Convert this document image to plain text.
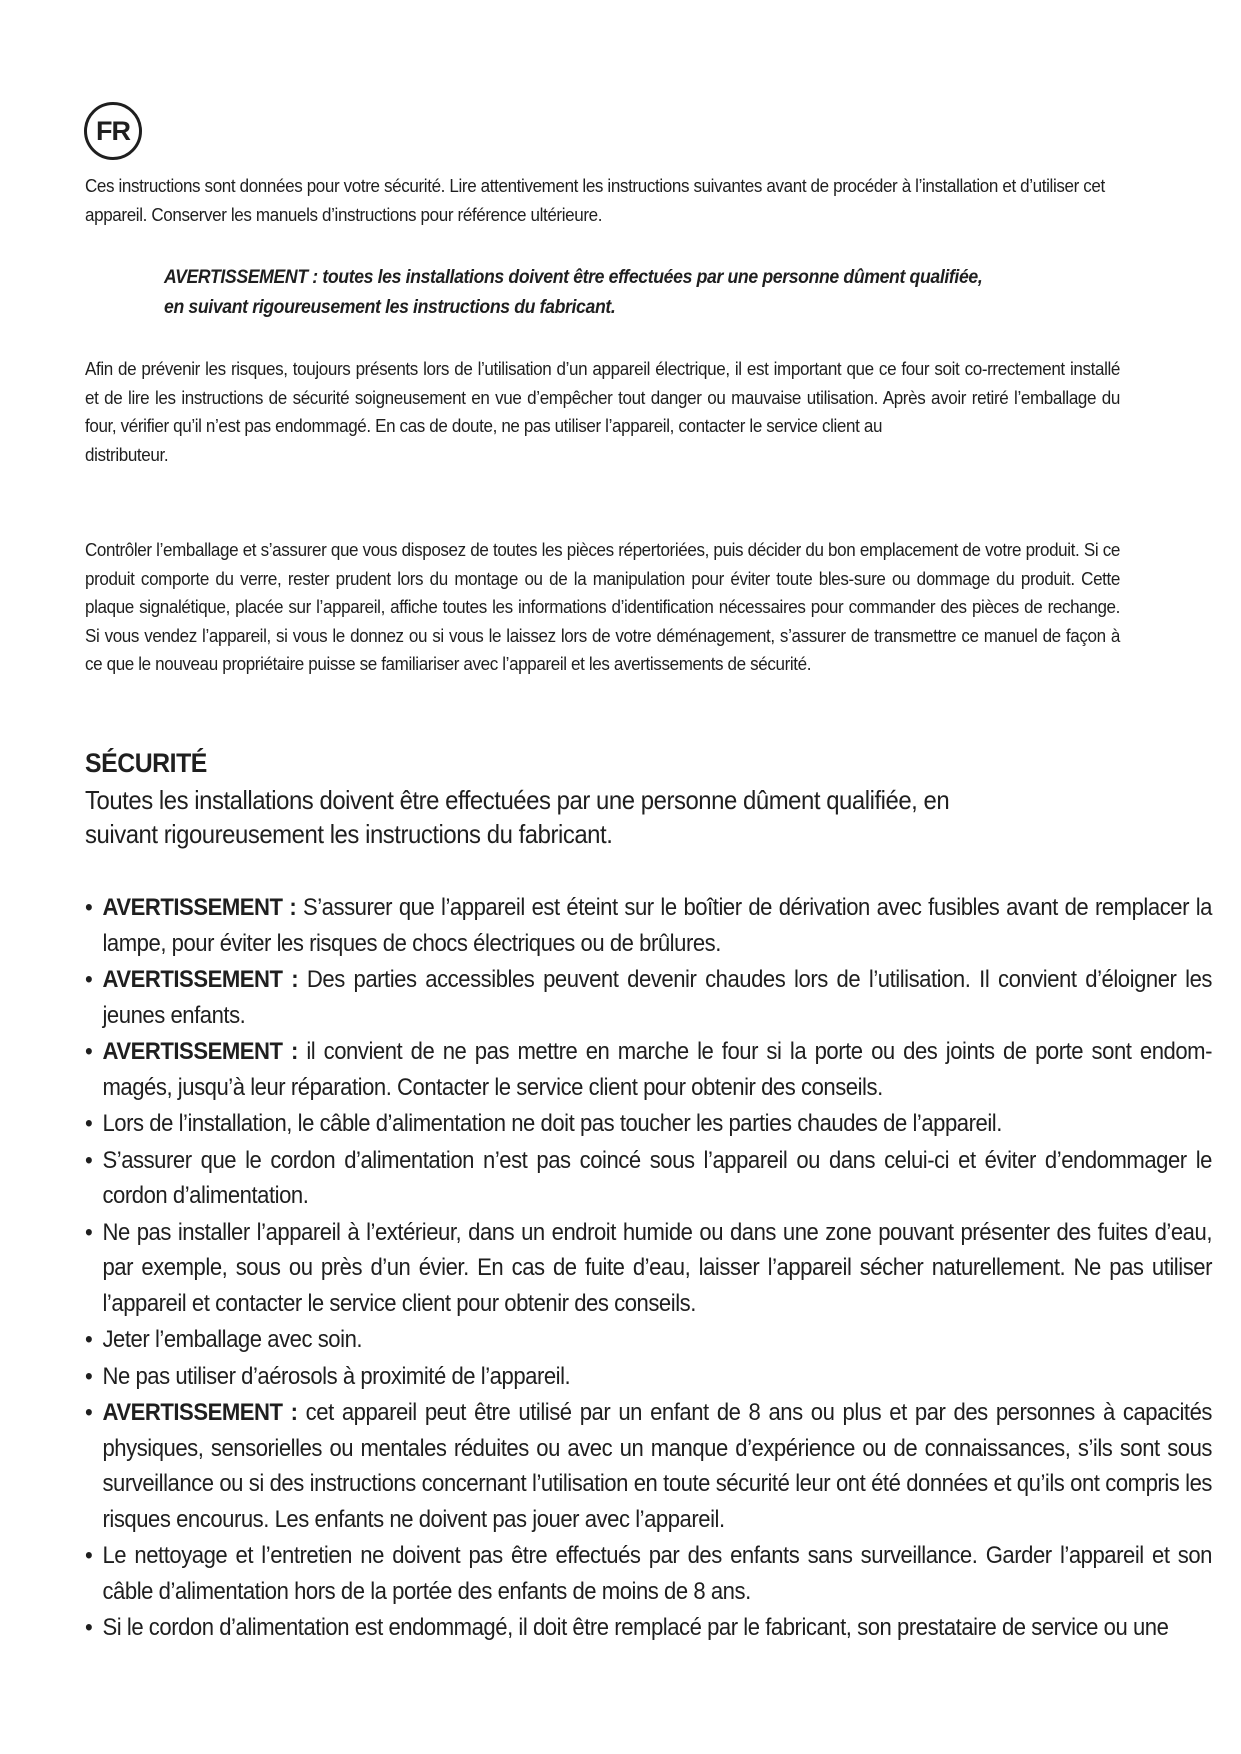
FR

Ces instructions sont données pour votre sécurité. Lire attentivement les instructions suivantes avant de procéder à l’installation et d’utiliser cet appareil. Conserver les manuels d’instructions pour référence ultérieure.

AVERTISSEMENT : toutes les installations doivent être effectuées par une personne dûment qualifiée,
en suivant rigoureusement les instructions du fabricant.
Afin de prévenir les risques, toujours présents lors de l’utilisation d’un appareil électrique, il est important que ce four soit co-rrectement installé et de lire les instructions de sécurité soigneusement en vue d’empêcher tout danger ou mauvaise utilisation. Après avoir retiré l’emballage du four, vérifier qu’il n’est pas endommagé. En cas de doute, ne pas utiliser l’appareil, contacter le service client au
distributeur.

Contrôler l’emballage et s’assurer que vous disposez de toutes les pièces répertoriées, puis décider du bon emplacement de votre produit. Si ce produit comporte du verre, rester prudent lors du montage ou de la manipulation pour éviter toute bles-sure ou dommage du produit. Cette plaque signalétique, placée sur l’appareil, affiche toutes les informations d’identification nécessaires pour commander des pièces de rechange. Si vous vendez l’appareil, si vous le donnez ou si vous le laissez lors de votre déménagement, s’assurer de transmettre ce manuel de façon à ce que le nouveau propriétaire puisse se familiariser avec l’appareil et les avertissements de sécurité.

SÉCURITÉ

Toutes les installations doivent être effectuées par une personne dûment qualifiée, en suivant rigoureusement les instructions du fabricant.

• AVERTISSEMENT : S’assurer que l’appareil est éteint sur le boîtier de dérivation avec fusibles avant de remplacer la lampe, pour éviter les risques de chocs électriques ou de brûlures.
• AVERTISSEMENT : Des parties accessibles peuvent devenir chaudes lors de l’utilisation. Il convient d’éloigner les jeunes enfants.
• AVERTISSEMENT : il convient de ne pas mettre en marche le four si la porte ou des joints de porte sont endom-magés, jusqu’à leur réparation. Contacter le service client pour obtenir des conseils.
• Lors de l’installation, le câble d’alimentation ne doit pas toucher les parties chaudes de l’appareil.
• S’assurer que le cordon d’alimentation n’est pas coincé sous l’appareil ou dans celui-ci et éviter d’endommager le cordon d’alimentation.
• Ne pas installer l’appareil à l’extérieur, dans un endroit humide ou dans une zone pouvant présenter des fuites d’eau, par exemple, sous ou près d’un évier. En cas de fuite d’eau, laisser l’appareil sécher naturellement. Ne pas utiliser l’appareil et contacter le service client pour obtenir des conseils.
• Jeter l’emballage avec soin.
• Ne pas utiliser d’aérosols à proximité de l’appareil.
• AVERTISSEMENT : cet appareil peut être utilisé par un enfant de 8 ans ou plus et par des personnes à capacités physiques, sensorielles ou mentales réduites ou avec un manque d’expérience ou de connaissances, s’ils sont sous surveillance ou si des instructions concernant l’utilisation en toute sécurité leur ont été données et qu’ils ont compris les risques encourus. Les enfants ne doivent pas jouer avec l’appareil.
• Le nettoyage et l’entretien ne doivent pas être effectués par des enfants sans surveillance. Garder l’appareil et son câble d’alimentation hors de la portée des enfants de moins de 8 ans.
• Si le cordon d’alimentation est endommagé, il doit être remplacé par le fabricant, son prestataire de service ou une
